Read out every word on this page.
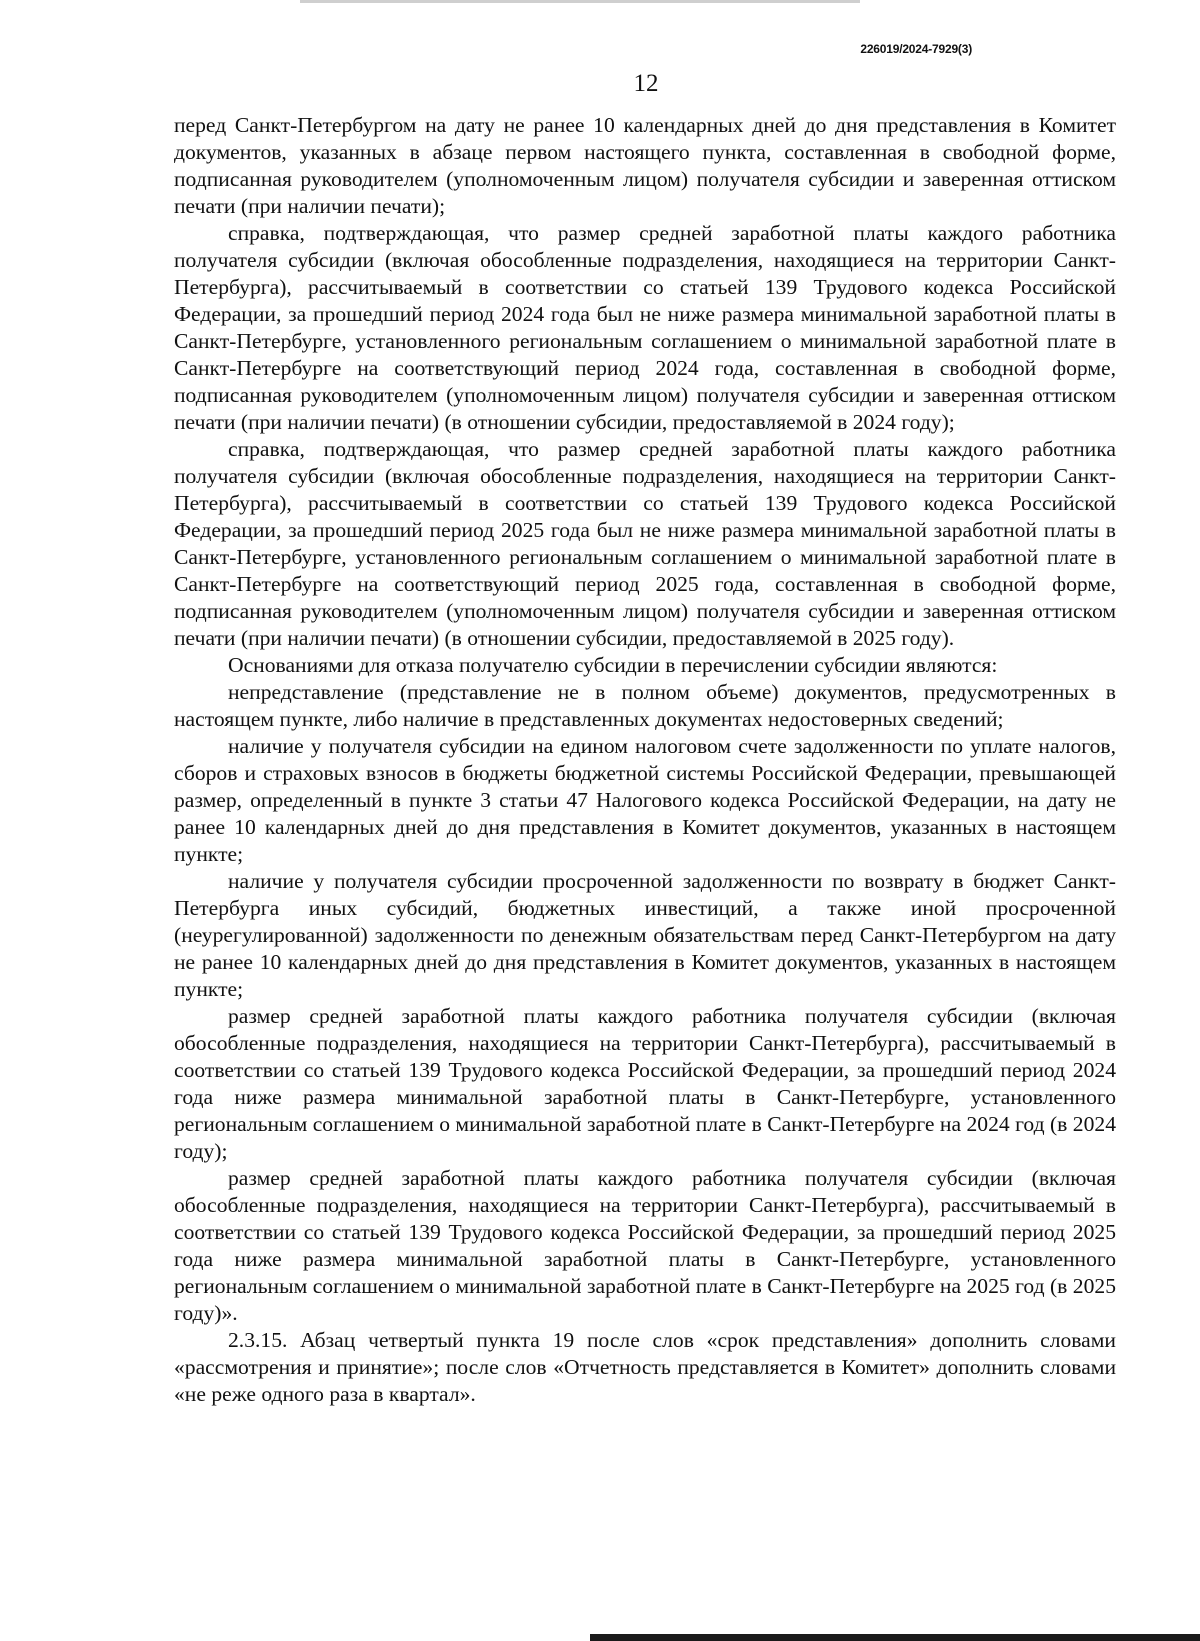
226019/2024-7929(3)
12

перед Санкт-Петербургом на дату не ранее 10 календарных дней до дня представления в Комитет документов, указанных в абзаце первом настоящего пункта, составленная в свободной форме, подписанная руководителем (уполномоченным лицом) получателя субсидии и заверенная оттиском печати (при наличии печати);

справка, подтверждающая, что размер средней заработной платы каждого работника получателя субсидии (включая обособленные подразделения, находящиеся на территории Санкт-Петербурга), рассчитываемый в соответствии со статьей 139 Трудового кодекса Российской Федерации, за прошедший период 2024 года был не ниже размера минимальной заработной платы в Санкт-Петербурге, установленного региональным соглашением о минимальной заработной плате в Санкт-Петербурге на соответствующий период 2024 года, составленная в свободной форме, подписанная руководителем (уполномоченным лицом) получателя субсидии и заверенная оттиском печати (при наличии печати) (в отношении субсидии, предоставляемой в 2024 году);

справка, подтверждающая, что размер средней заработной платы каждого работника получателя субсидии (включая обособленные подразделения, находящиеся на территории Санкт-Петербурга), рассчитываемый в соответствии со статьей 139 Трудового кодекса Российской Федерации, за прошедший период 2025 года был не ниже размера минимальной заработной платы в Санкт-Петербурге, установленного региональным соглашением о минимальной заработной плате в Санкт-Петербурге на соответствующий период 2025 года, составленная в свободной форме, подписанная руководителем (уполномоченным лицом) получателя субсидии и заверенная оттиском печати (при наличии печати) (в отношении субсидии, предоставляемой в 2025 году).

Основаниями для отказа получателю субсидии в перечислении субсидии являются:

непредставление (представление не в полном объеме) документов, предусмотренных в настоящем пункте, либо наличие в представленных документах недостоверных сведений;

наличие у получателя субсидии на едином налоговом счете задолженности по уплате налогов, сборов и страховых взносов в бюджеты бюджетной системы Российской Федерации, превышающей размер, определенный в пункте 3 статьи 47 Налогового кодекса Российской Федерации, на дату не ранее 10 календарных дней до дня представления в Комитет документов, указанных в настоящем пункте;

наличие у получателя субсидии просроченной задолженности по возврату в бюджет Санкт-Петербурга иных субсидий, бюджетных инвестиций, а также иной просроченной (неурегулированной) задолженности по денежным обязательствам перед Санкт-Петербургом на дату не ранее 10 календарных дней до дня представления в Комитет документов, указанных в настоящем пункте;

размер средней заработной платы каждого работника получателя субсидии (включая обособленные подразделения, находящиеся на территории Санкт-Петербурга), рассчитываемый в соответствии со статьей 139 Трудового кодекса Российской Федерации, за прошедший период 2024 года ниже размера минимальной заработной платы в Санкт-Петербурге, установленного региональным соглашением о минимальной заработной плате в Санкт-Петербурге на 2024 год (в 2024 году);

размер средней заработной платы каждого работника получателя субсидии (включая обособленные подразделения, находящиеся на территории Санкт-Петербурга), рассчитываемый в соответствии со статьей 139 Трудового кодекса Российской Федерации, за прошедший период 2025 года ниже размера минимальной заработной платы в Санкт-Петербурге, установленного региональным соглашением о минимальной заработной плате в Санкт-Петербурге на 2025 год (в 2025 году)».

2.3.15. Абзац четвертый пункта 19 после слов «срок представления» дополнить словами «рассмотрения и принятие»; после слов «Отчетность представляется в Комитет» дополнить словами «не реже одного раза в квартал».
